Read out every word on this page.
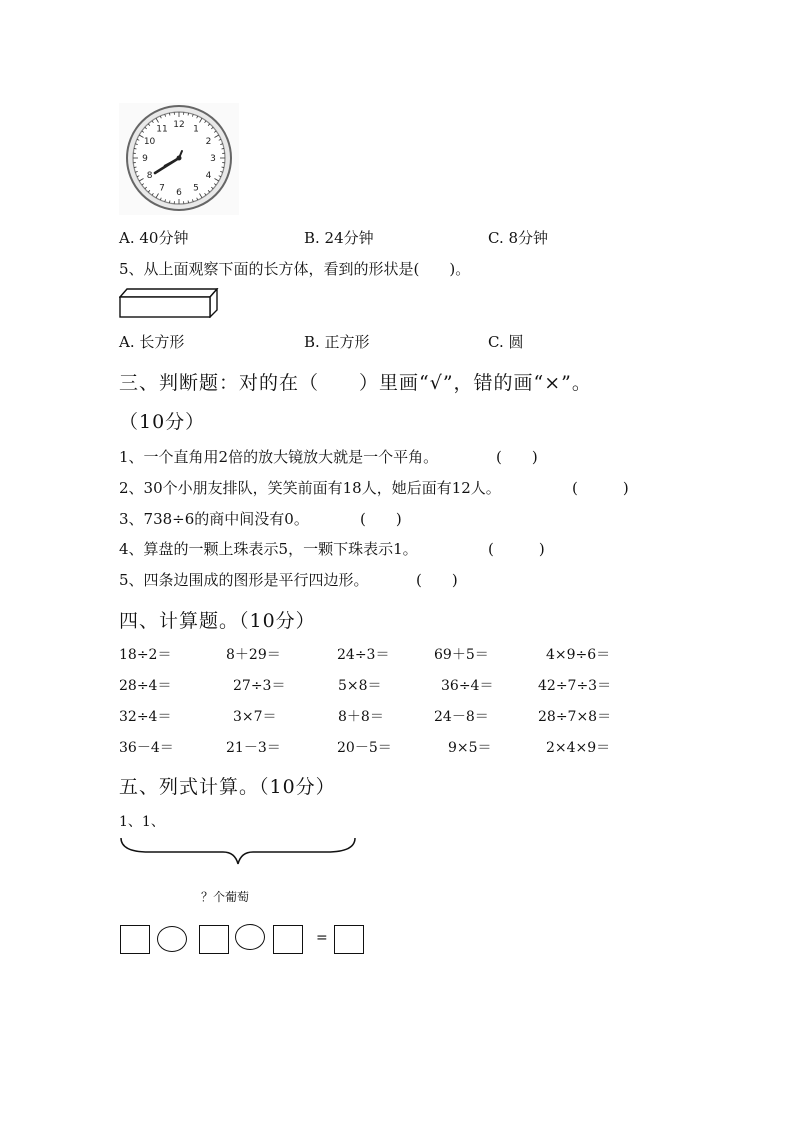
12 1
2
3
4
5
6
7
8
9
10
11
A. 40分钟	B. 24分钟	C. 8分钟
5、从上面观察下面的长方体，看到的形状是(　　)。
A. 长方形	B. 正方形	C. 圆
三、判断题：对的在（　　）里画“√”，错的画“×”。
（10分）
1、一个直角用2倍的放大镜放大就是一个平角。	(　　)
2、30个小朋友排队，笑笑前面有18人，她后面有12人。	(　　　)
3、738÷6的商中间没有0。	(　　)
4、算盘的一颗上珠表示5，一颗下珠表示1。	(　　　)
5、四条边围成的图形是平行四边形。	(　　)
四、计算题。（10分）
18÷2＝	8＋29＝	24÷3＝	69＋5＝	4×9÷6＝
28÷4＝	27÷3＝	5×8＝	36÷4＝	42÷7÷3＝
32÷4＝	3×7＝	8＋8＝	24－8＝	28÷7×8＝
36－4＝	21－3＝	20－5＝	9×5＝	2×4×9＝
五、列式计算。（10分）
1、1、
？个葡萄
=
